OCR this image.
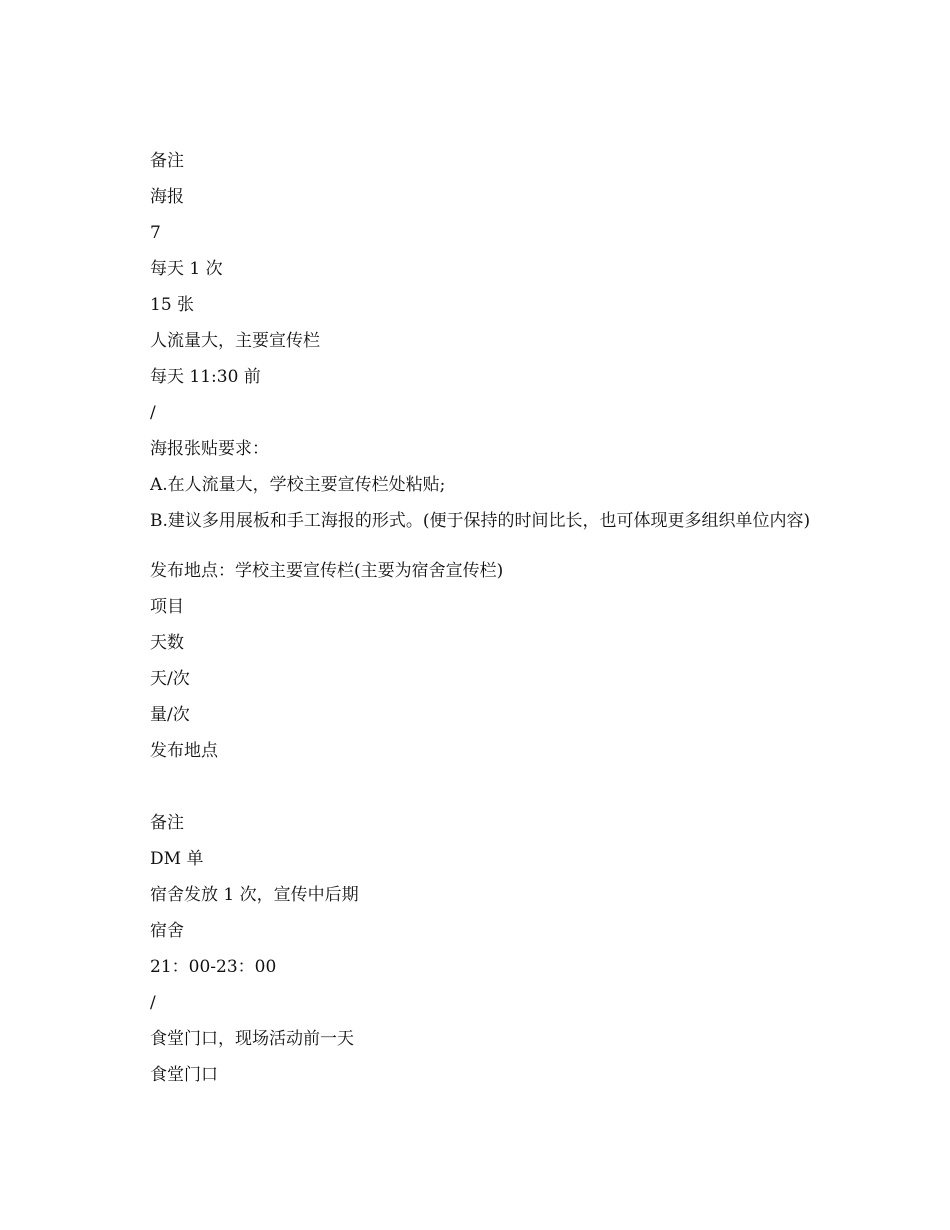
备注

海报

7

每天 1 次

15 张

人流量大，主要宣传栏

每天 11:30 前

/

海报张贴要求：

A.在人流量大，学校主要宣传栏处粘贴;

B.建议多用展板和手工海报的形式。(便于保持的时间比长，也可体现更多组织单位内容)

发布地点：学校主要宣传栏(主要为宿舍宣传栏)

项目

天数

天/次

量/次

发布地点

备注

DM 单

宿舍发放 1 次，宣传中后期

宿舍

21：00-23：00

/

食堂门口，现场活动前一天

食堂门口
